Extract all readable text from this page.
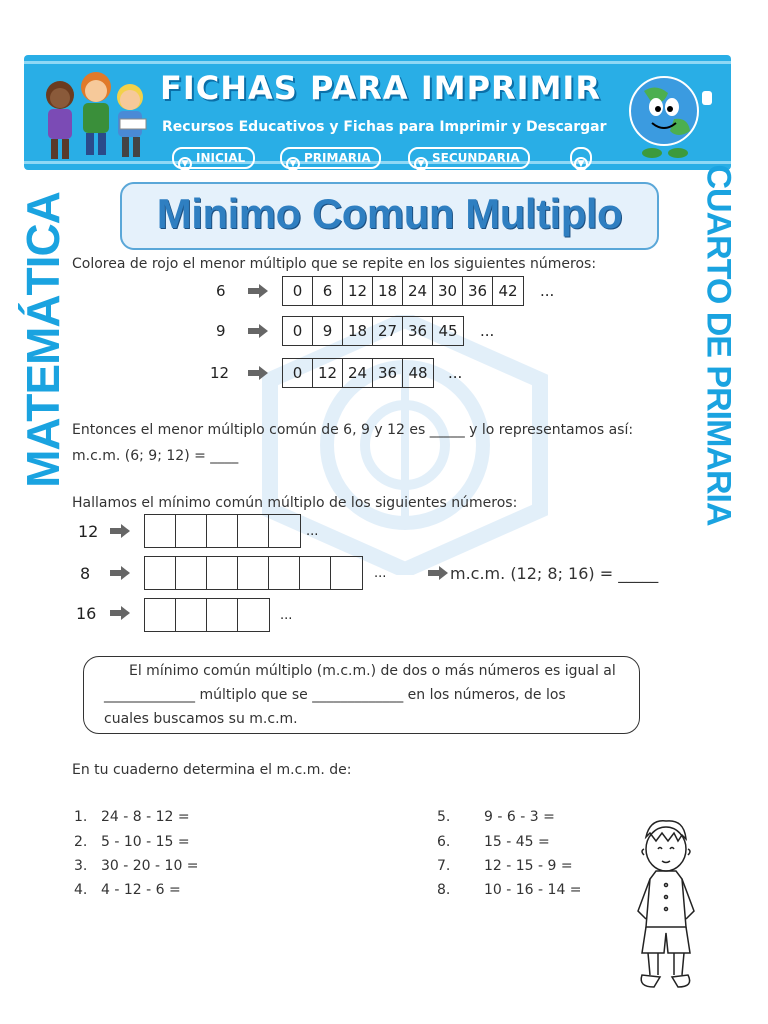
FICHAS PARA IMPRIMIR
Recursos Educativos y Fichas para Imprimir y Descargar
▼ INICIAL	▼ PRIMARIA	▼ SECUNDARIA	▼
MATEMÁTICA	CUARTO DE PRIMARIA
Minimo Comun Multiplo
Colorea de rojo el menor múltiplo que se repite en los siguientes números:
6	0	6	12 18 24 30 36 42	...
9	0	9	18 27 36 45	...
12	0	12 24 36 48	...
Entonces el menor múltiplo común de 6, 9 y 12 es _____ y lo representamos así:
m.c.m. (6; 9; 12) = ____
Hallamos el mínimo común múltiplo de los siguientes números:
12	...
8	...	m.c.m. (12; 8; 16) = _____
16	...
El mínimo común múltiplo (m.c.m.) de dos o más números es igual al
_____________ múltiplo que se _____________ en los números, de los
cuales buscamos su m.c.m.
En tu cuaderno determina el m.c.m. de:
1. 24 - 8 - 12 =
2. 5 - 10 - 15 =
3. 30 - 20 - 10 =
4. 4 - 12 - 6 =
5. 9 - 6 - 3 =
6. 15 - 45 =
7. 12 - 15 - 9 =
8. 10 - 16 - 14 =
